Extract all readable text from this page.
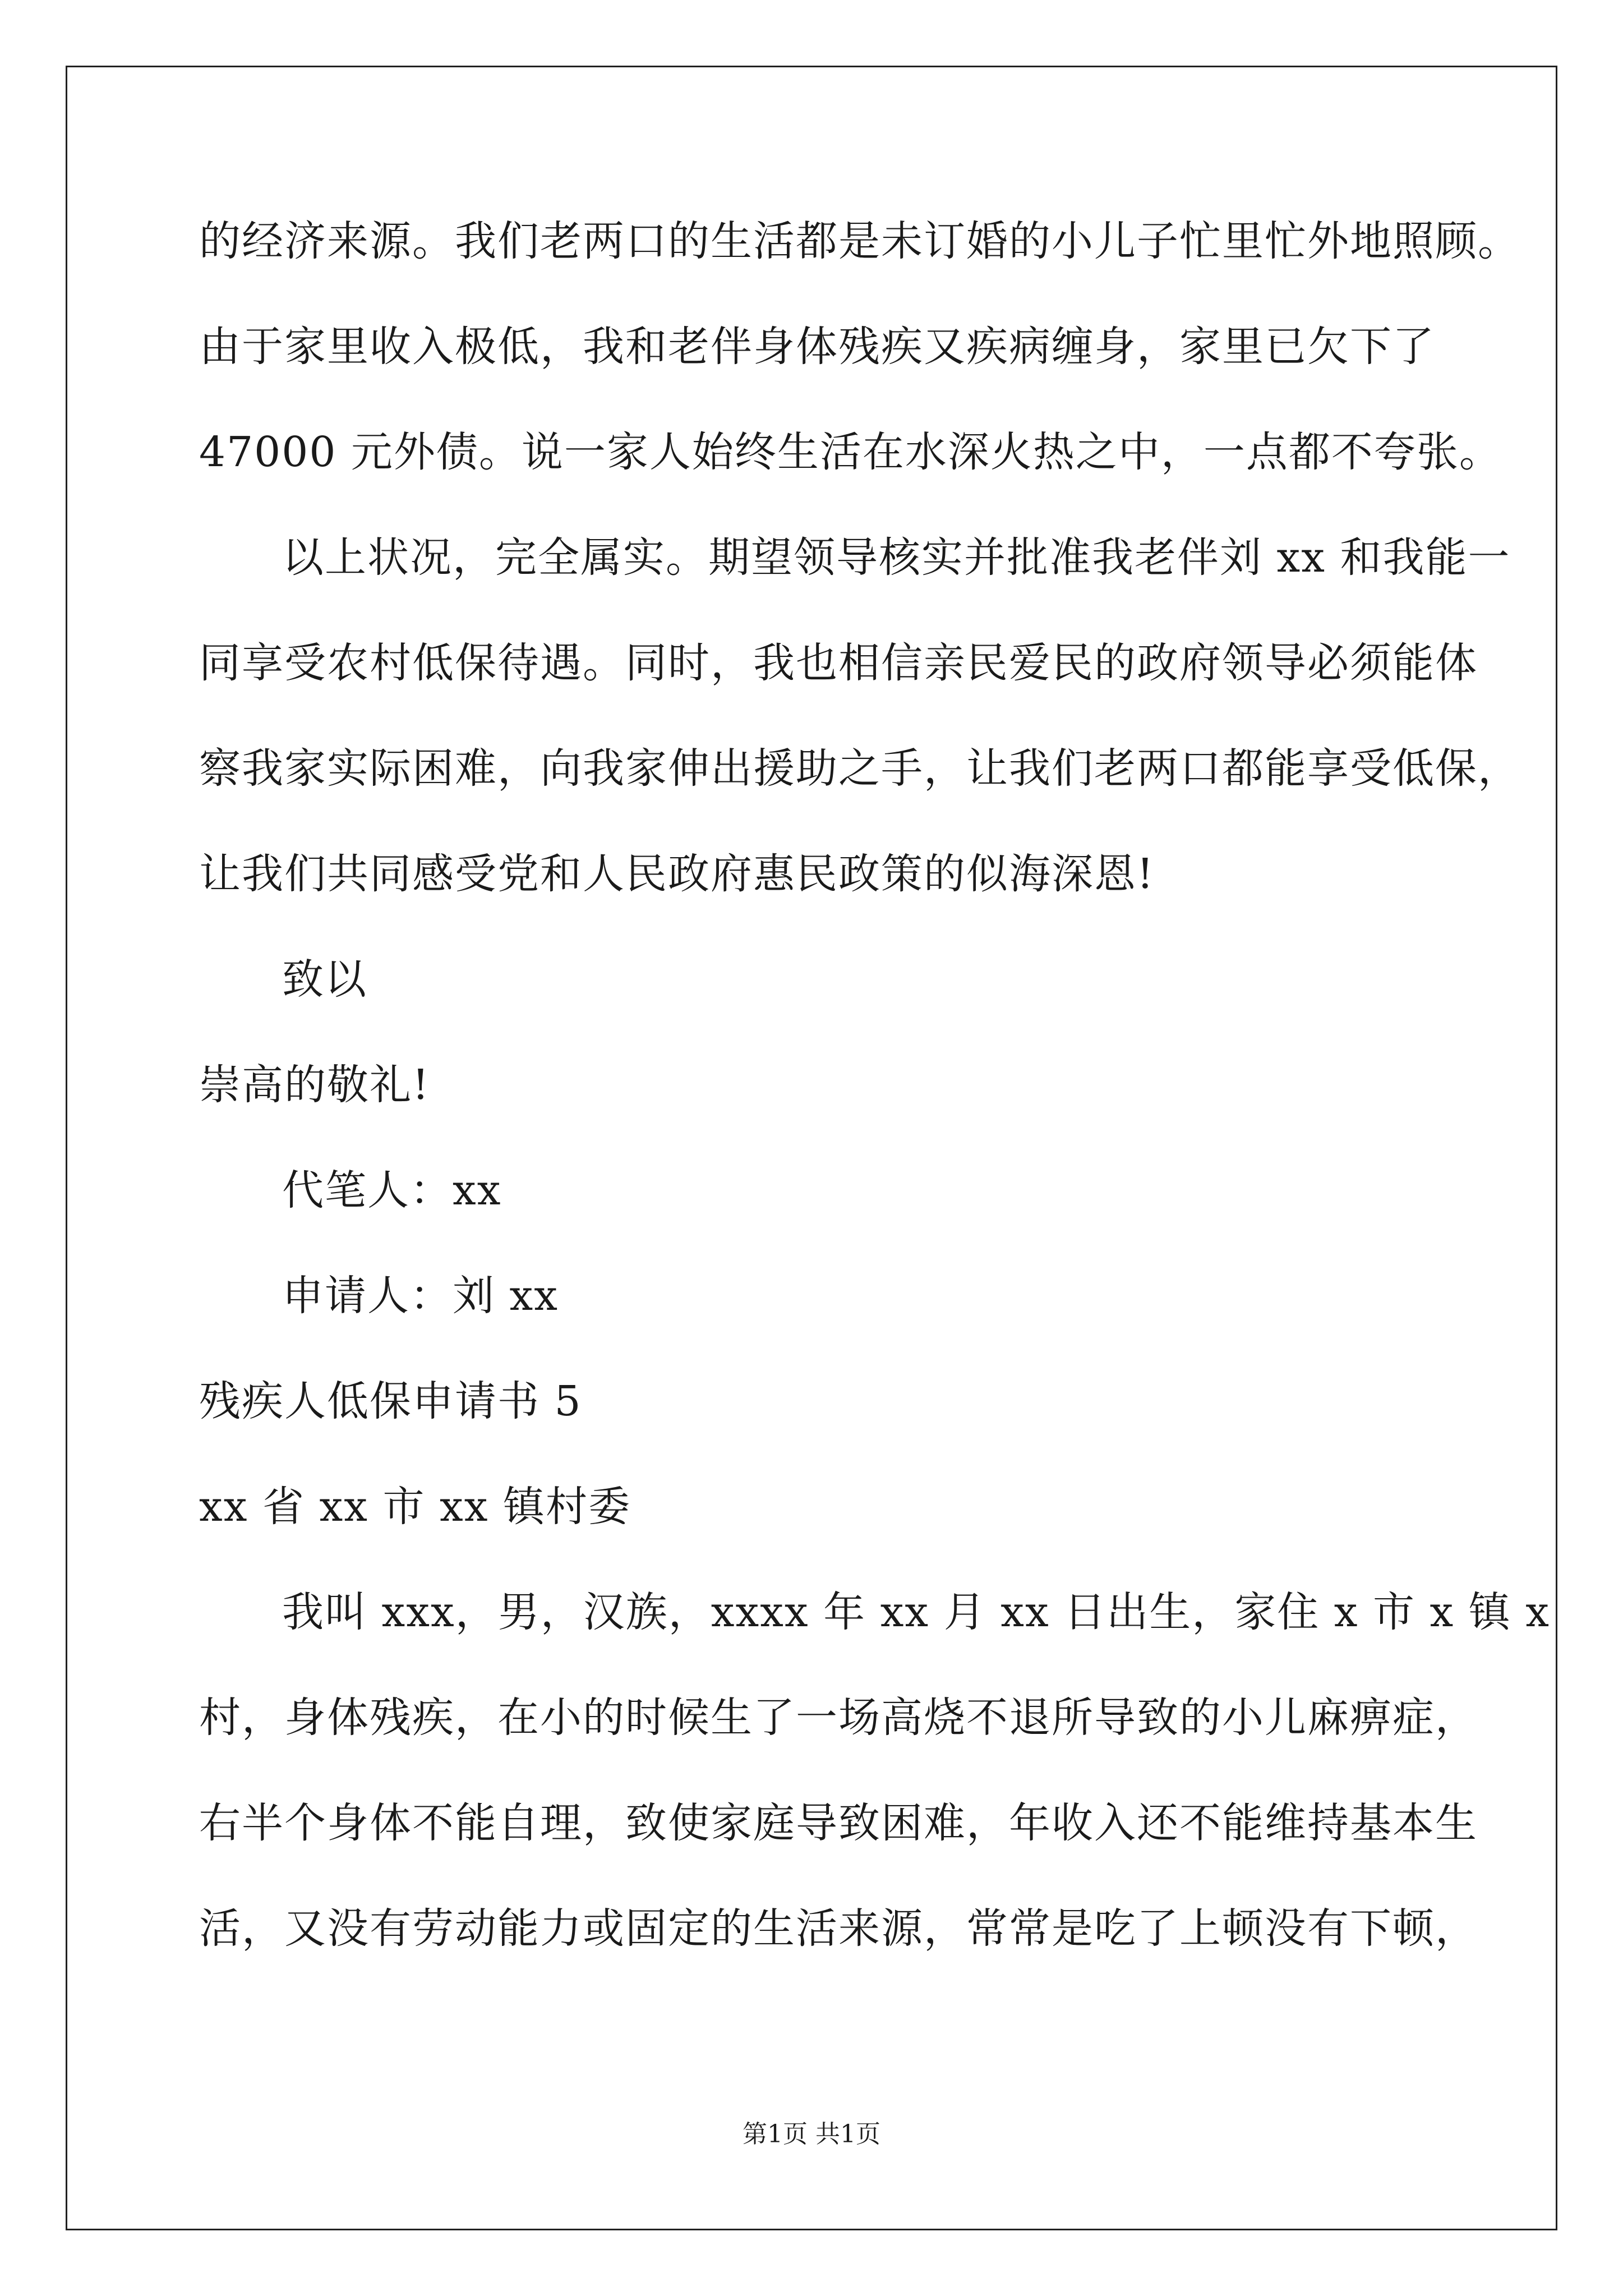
的经济来源。我们老两口的生活都是未订婚的小儿子忙里忙外地照顾。
由于家里收入极低，我和老伴身体残疾又疾病缠身，家里已欠下了
47000 元外债。说一家人始终生活在水深火热之中，一点都不夸张。
以上状况，完全属实。期望领导核实并批准我老伴刘 xx 和我能一
同享受农村低保待遇。同时，我也相信亲民爱民的政府领导必须能体
察我家实际困难，向我家伸出援助之手，让我们老两口都能享受低保，
让我们共同感受党和人民政府惠民政策的似海深恩!
致以
崇高的敬礼!
代笔人：xx
申请人：刘 xx
残疾人低保申请书 5
xx 省 xx 市 xx 镇村委
我叫 xxx，男，汉族，xxxx 年 xx 月 xx 日出生，家住 x 市 x 镇 x
村，身体残疾，在小的时候生了一场高烧不退所导致的小儿麻痹症，
右半个身体不能自理，致使家庭导致困难，年收入还不能维持基本生
活，又没有劳动能力或固定的生活来源，常常是吃了上顿没有下顿，
第1页 共1页
